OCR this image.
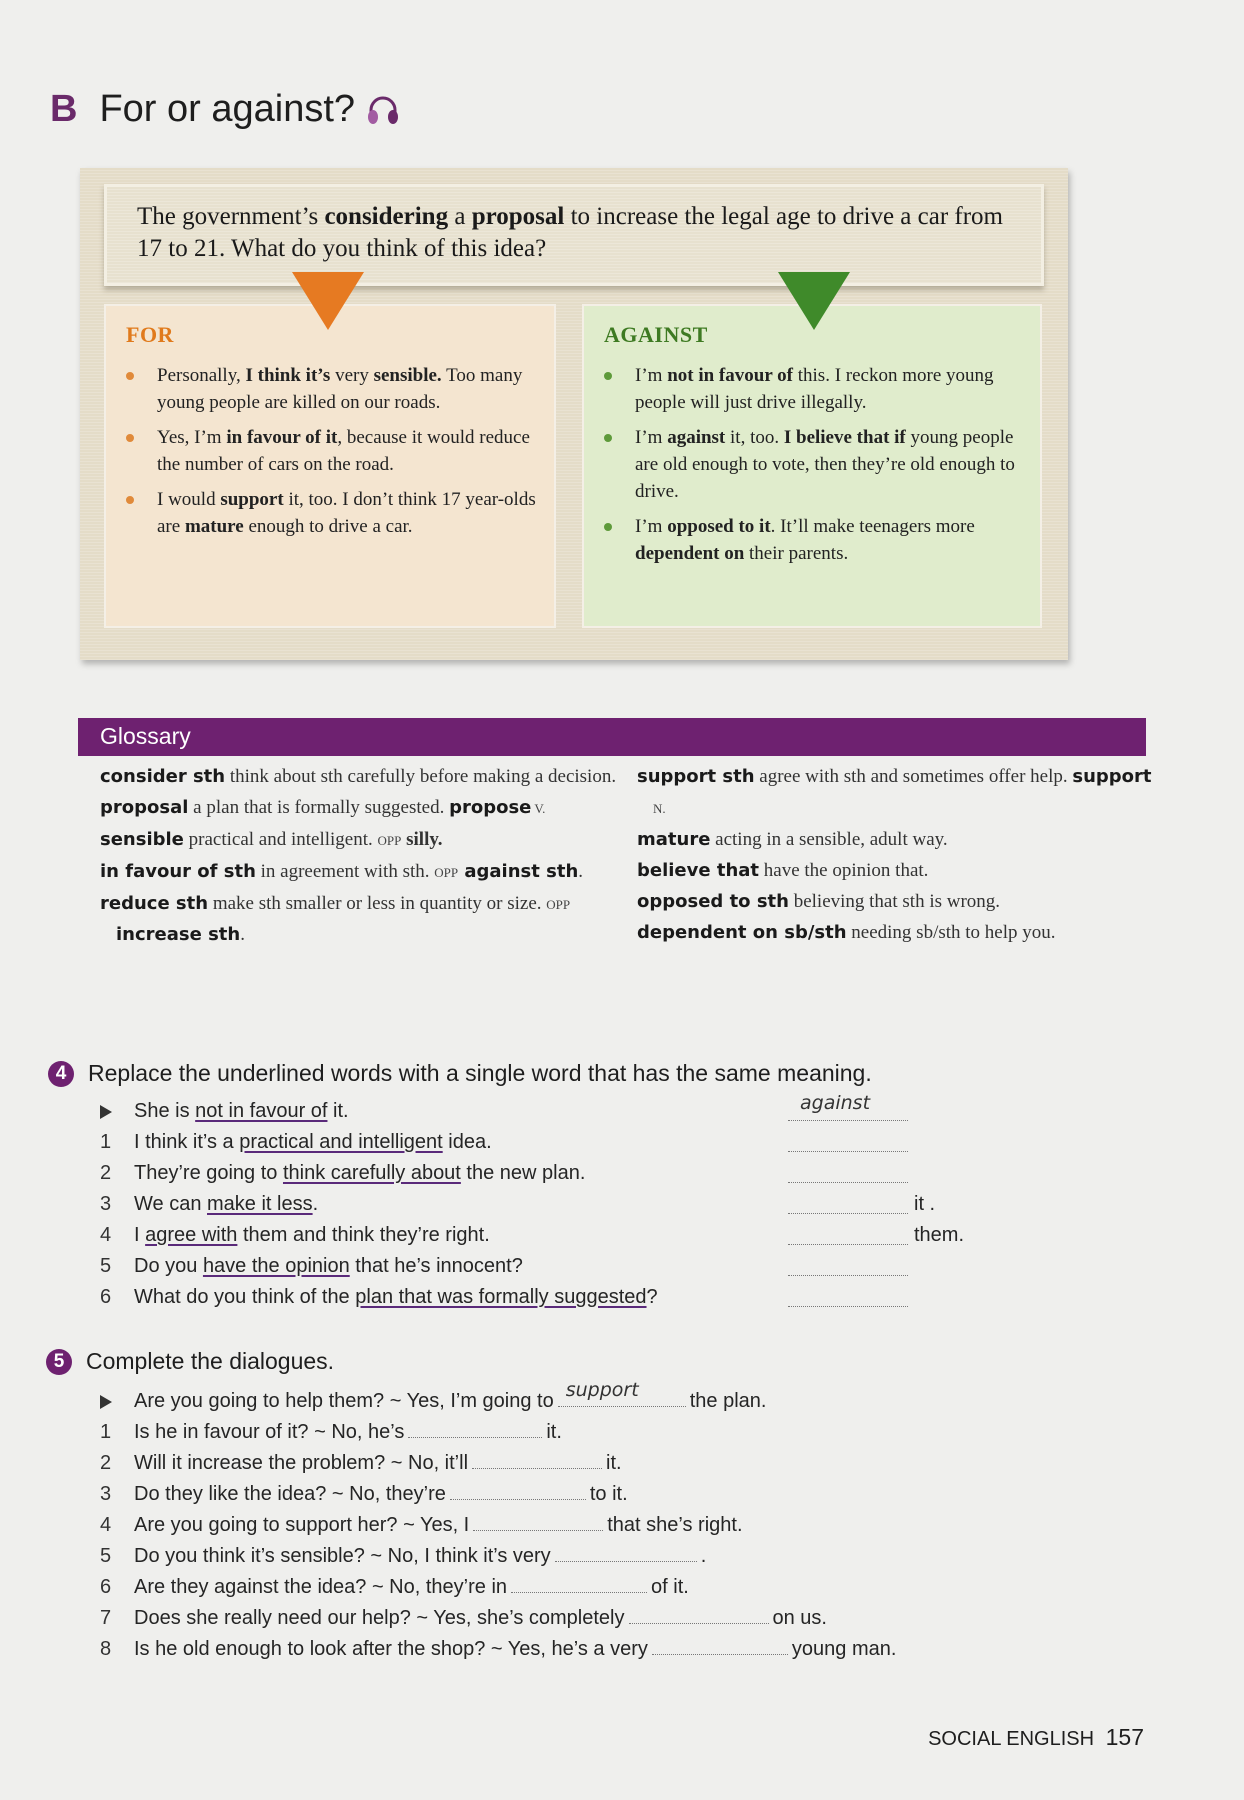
B For or against?
The government’s considering a proposal to increase the legal age to drive a car from 17 to 21. What do you think of this idea?
FOR
Personally, I think it’s very sensible. Too many young people are killed on our roads.
Yes, I’m in favour of it, because it would reduce the number of cars on the road.
I would support it, too. I don’t think 17 year-olds are mature enough to drive a car.
AGAINST
I’m not in favour of this. I reckon more young people will just drive illegally.
I’m against it, too. I believe that if young people are old enough to vote, then they’re old enough to drive.
I’m opposed to it. It’ll make teenagers more dependent on their parents.
Glossary

consider sth think about sth carefully before making a decision.

proposal a plan that is formally suggested. propose V.

sensible practical and intelligent. OPP silly.

in favour of sth in agreement with sth. OPP against sth.

reduce sth make sth smaller or less in quantity or size. OPP increase sth.

support sth agree with sth and sometimes offer help. support N.

mature acting in a sensible, adult way.

believe that have the opinion that.

opposed to sth believing that sth is wrong.

dependent on sb/sth needing sb/sth to help you.

4 Replace the underlined words with a single word that has the same meaning.
She is not in favour of it.	against
1 I think it’s a practical and intelligent idea.
2 They’re going to think carefully about the new plan.
3 We can make it less.	it .
4 I agree with them and think they’re right.	them.
5 Do you have the opinion that he’s innocent?
6 What do you think of the plan that was formally suggested?
5 Complete the dialogues.
Are you going to help them? ~ Yes, I’m going to support	the plan.
1 Is he in favour of it? ~ No, he’s	it.
2 Will it increase the problem? ~ No, it’ll	it.
3 Do they like the idea? ~ No, they’re	to it.
4 Are you going to support her? ~ Yes, I	that she’s right.
5 Do you think it’s sensible? ~ No, I think it’s very	.
6 Are they against the idea? ~ No, they’re in	of it.
7 Does she really need our help? ~ Yes, she’s completely	on us.
8 Is he old enough to look after the shop? ~ Yes, he’s a very	young man.
SOCIAL ENGLISH 157
